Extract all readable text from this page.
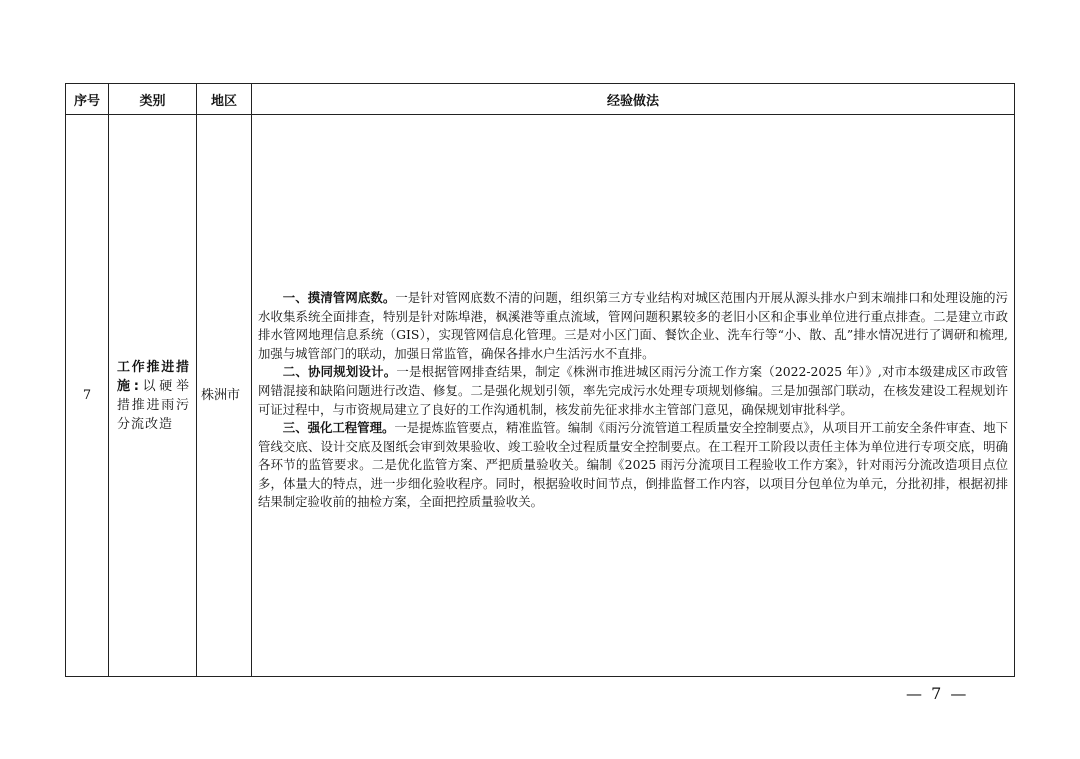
序号	类别	地区	经验做法
7	工作推进措施:以硬举措推进雨污分流改造	株洲市	一、摸清管网底数。一是针对管网底数不清的问题，组织第三方专业结构对城区范围内开展从源头排水户到末端排口和处理设施的污水收集系统全面排查，特别是针对陈埠港，枫溪港等重点流域，管网问题积累较多的老旧小区和企事业单位进行重点排查。二是建立市政排水管网地理信息系统（GIS），实现管网信息化管理。三是对小区门面、餐饮企业、洗车行等“小、散、乱”排水情况进行了调研和梳理,加强与城管部门的联动，加强日常监管，确保各排水户生活污水不直排。

二、协同规划设计。一是根据管网排查结果，制定《株洲市推进城区雨污分流工作方案（2022-2025 年）》,对市本级建成区市政管网错混接和缺陷问题进行改造、修复。二是强化规划引领，率先完成污水处理专项规划修编。三是加强部门联动，在核发建设工程规划许可证过程中，与市资规局建立了良好的工作沟通机制，核发前先征求排水主管部门意见，确保规划审批科学。

三、强化工程管理。一是提炼监管要点，精准监管。编制《雨污分流管道工程质量安全控制要点》，从项目开工前安全条件审查、地下管线交底、设计交底及图纸会审到效果验收、竣工验收全过程质量安全控制要点。在工程开工阶段以责任主体为单位进行专项交底，明确各环节的监管要求。二是优化监管方案、严把质量验收关。编制《2025 雨污分流项目工程验收工作方案》，针对雨污分流改造项目点位多，体量大的特点，进一步细化验收程序。同时，根据验收时间节点，倒排监督工作内容，以项目分包单位为单元，分批初排，根据初排结果制定验收前的抽检方案，全面把控质量验收关。

— 7 —
